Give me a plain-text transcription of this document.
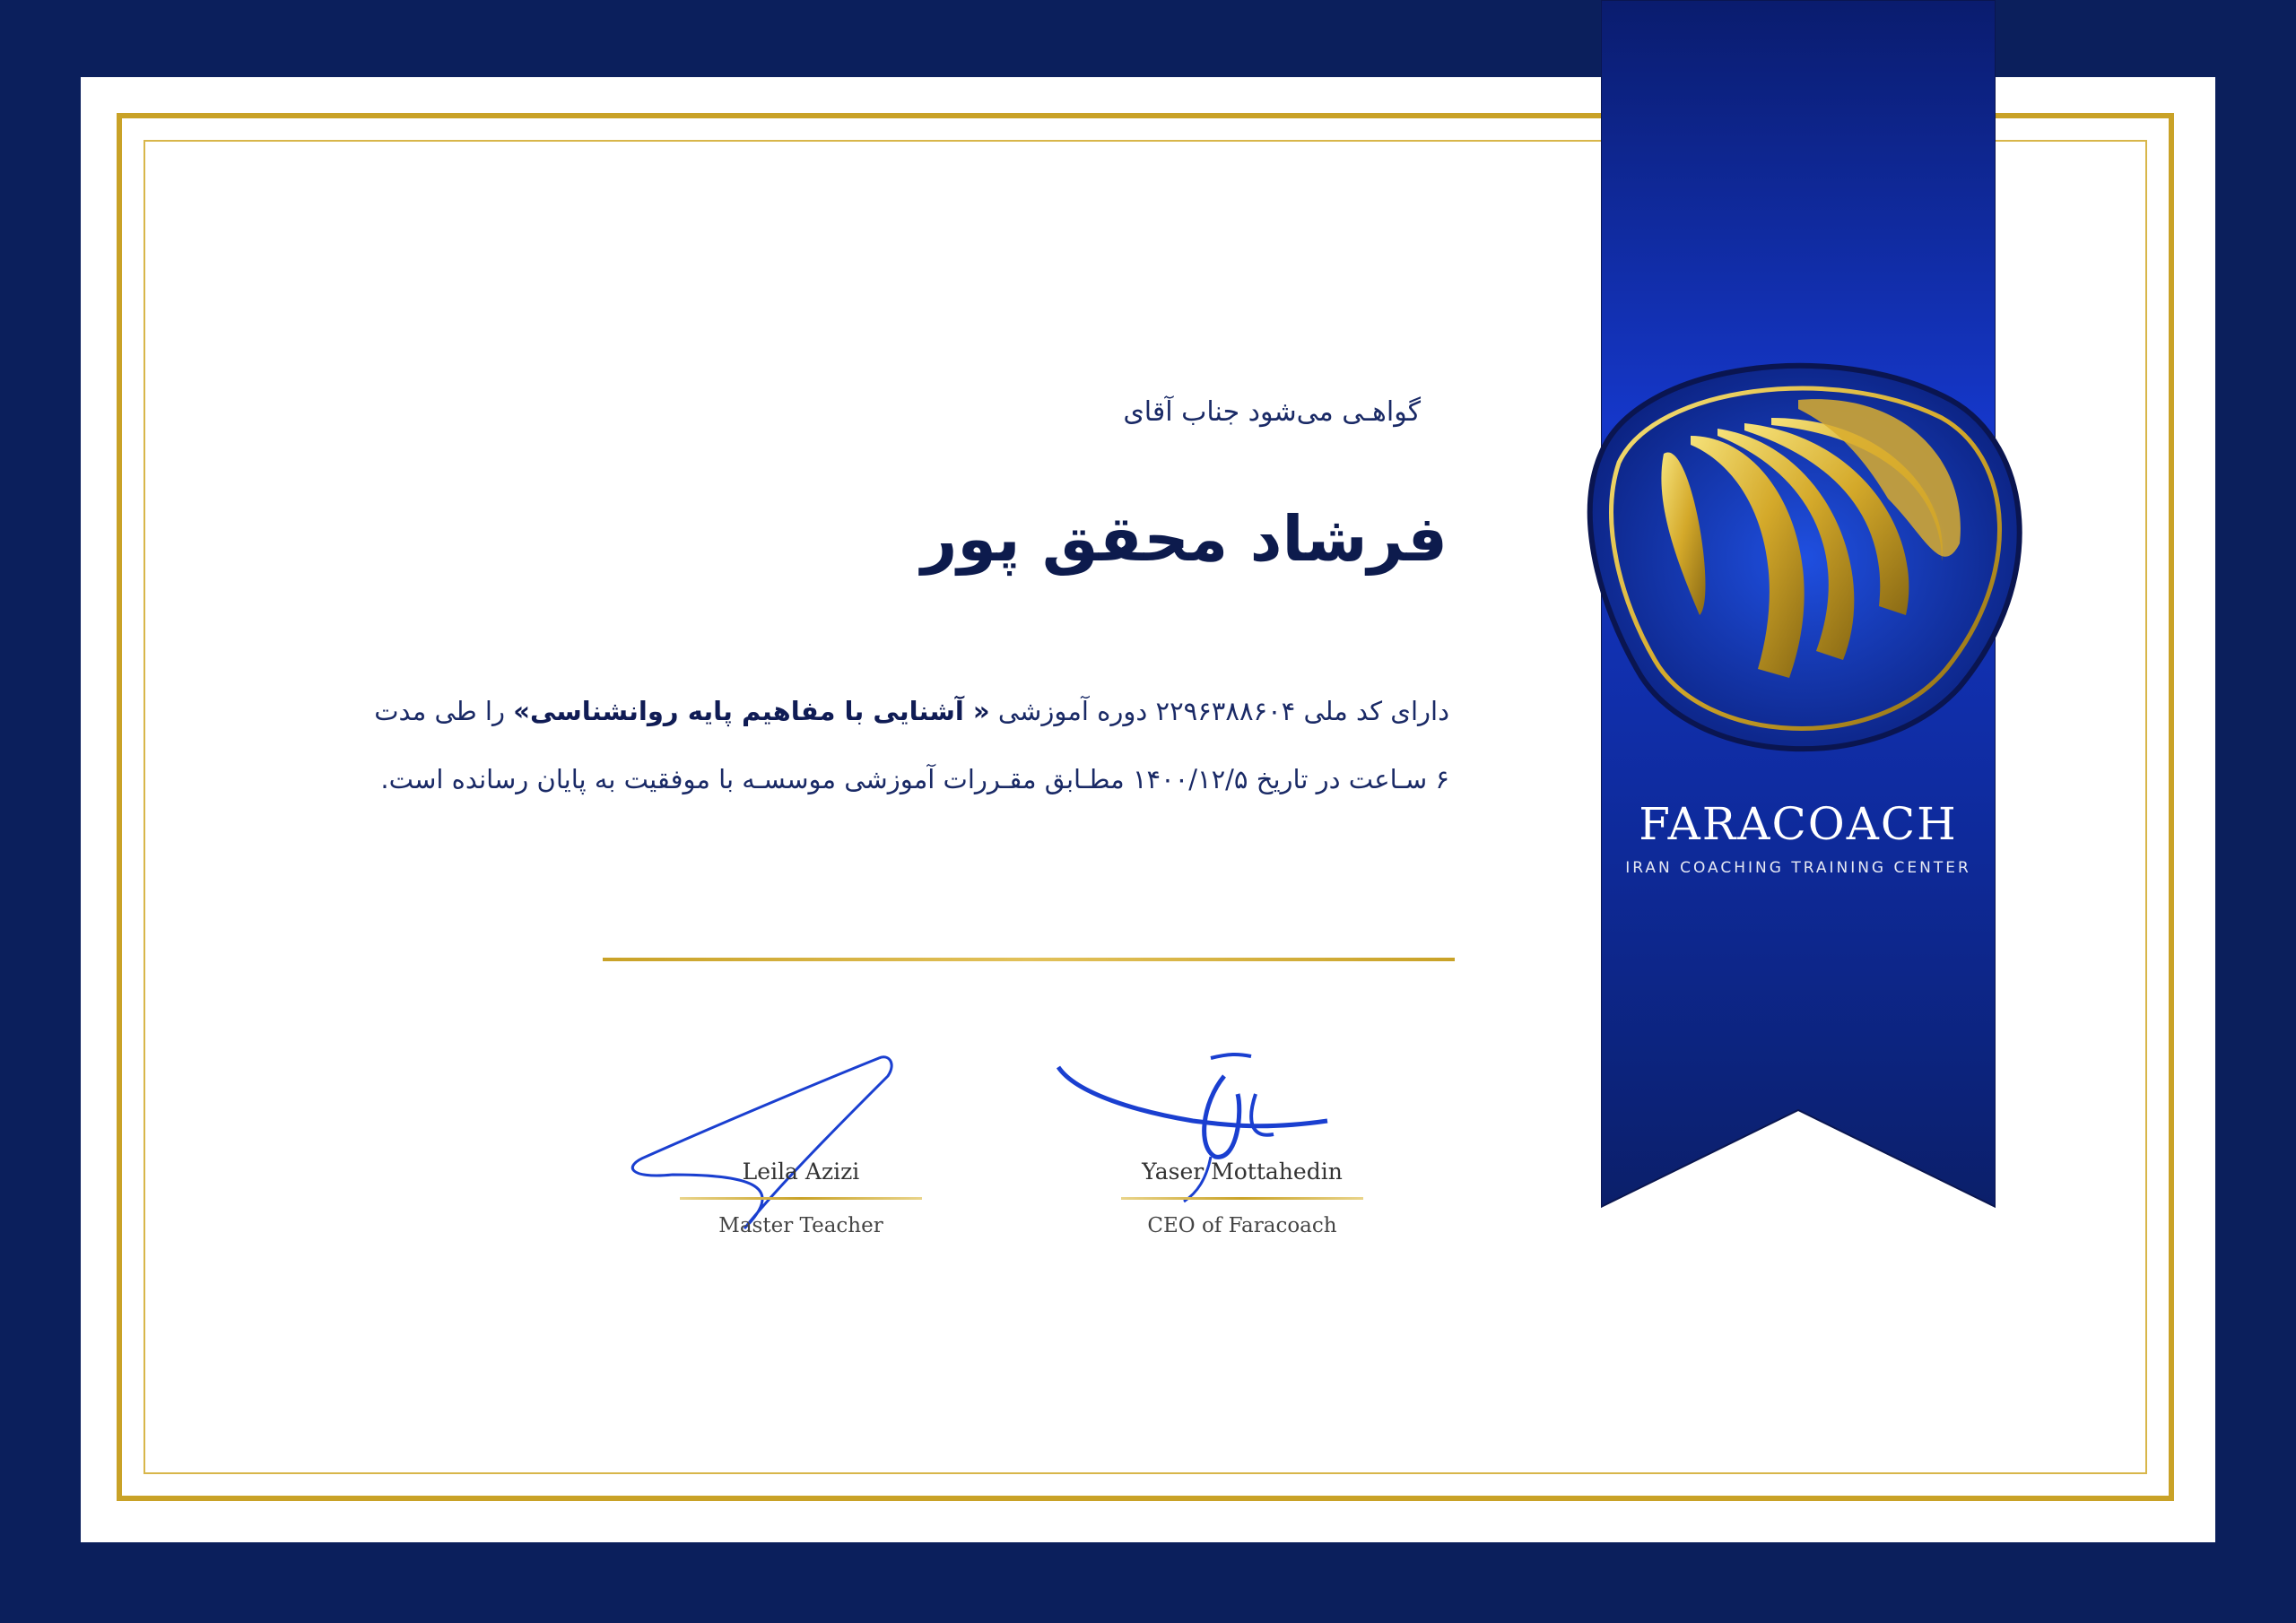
FARACOACH
IRAN COACHING TRAINING CENTER
گواهـی می‌شود جناب آقای
فرشاد محقق پور
دارای کد ملی ۲۲۹۶۳۸۸۶۰۴ دوره آموزشی « آشنایی با مفاهیم پایه روانشناسی» را طی مدت
۶ سـاعت در تاریخ ۱۴۰۰/۱۲/۵ مطـابق مقـررات آموزشی موسسـه با موفقیت به پایان رسانده است.
Leila Azizi
Master Teacher
Yaser Mottahedin
CEO of Faracoach
